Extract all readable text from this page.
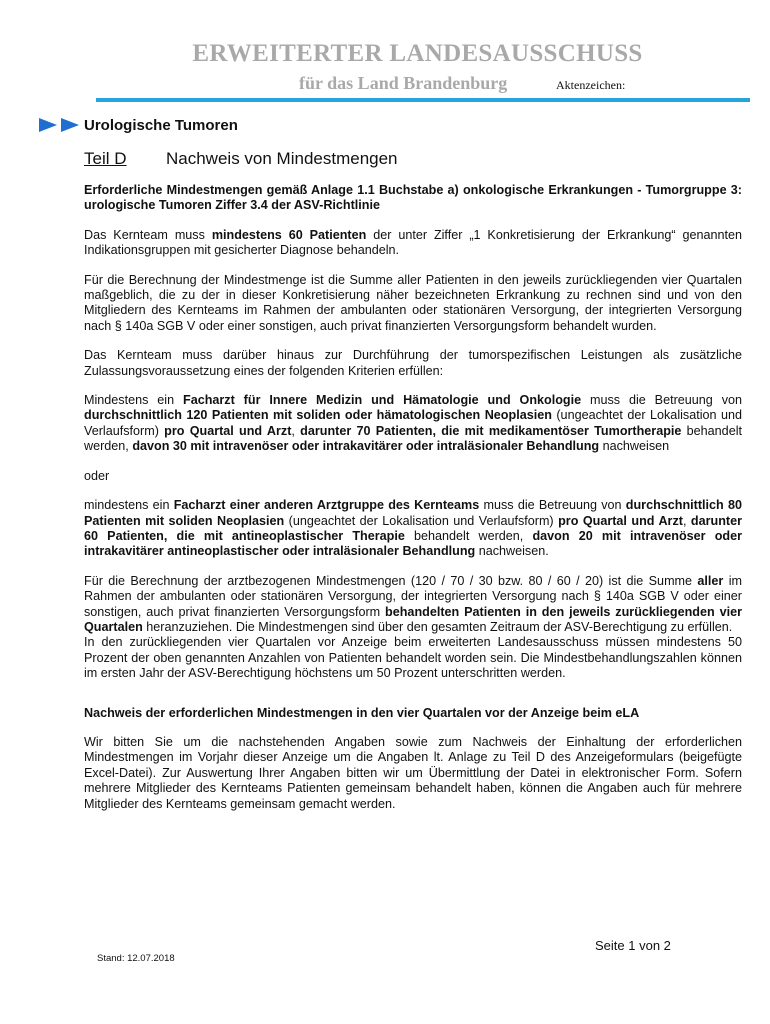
ERWEITERTER LANDESAUSSCHUSS
für das Land Brandenburg	Aktenzeichen:
Urologische Tumoren
Teil D	Nachweis von Mindestmengen

Erforderliche Mindestmengen gemäß Anlage 1.1 Buchstabe a) onkologische Erkrankungen - Tumorgruppe 3: urologische Tumoren Ziffer 3.4 der ASV-Richtlinie

Das Kernteam muss mindestens 60 Patienten der unter Ziffer „1 Konkretisierung der Erkrankung“ genannten Indikationsgruppen mit gesicherter Diagnose behandeln.

Für die Berechnung der Mindestmenge ist die Summe aller Patienten in den jeweils zurückliegenden vier Quartalen maßgeblich, die zu der in dieser Konkretisierung näher bezeichneten Erkrankung zu rechnen sind und von den Mitgliedern des Kernteams im Rahmen der ambulanten oder stationären Versorgung, der integrierten Versorgung nach § 140a SGB V oder einer sonstigen, auch privat finanzierten Versorgungsform behandelt wurden.

Das Kernteam muss darüber hinaus zur Durchführung der tumorspezifischen Leistungen als zusätzliche Zulassungsvoraussetzung eines der folgenden Kriterien erfüllen:

Mindestens ein Facharzt für Innere Medizin und Hämatologie und Onkologie muss die Betreuung von durchschnittlich 120 Patienten mit soliden oder hämatologischen Neoplasien (ungeachtet der Lokalisation und Verlaufsform) pro Quartal und Arzt, darunter 70 Patienten, die mit medikamentöser Tumortherapie behandelt werden, davon 30 mit intravenöser oder intrakavitärer oder intraläsionaler Behandlung nachweisen

oder

mindestens ein Facharzt einer anderen Arztgruppe des Kernteams muss die Betreuung von durchschnittlich 80 Patienten mit soliden Neoplasien (ungeachtet der Lokalisation und Verlaufsform) pro Quartal und Arzt, darunter 60 Patienten, die mit antineoplastischer Therapie behandelt werden, davon 20 mit intravenöser oder intrakavitärer antineoplastischer oder intraläsionaler Behandlung nachweisen.

Für die Berechnung der arztbezogenen Mindestmengen (120 / 70 / 30 bzw. 80 / 60 / 20) ist die Summe aller im Rahmen der ambulanten oder stationären Versorgung, der integrierten Versorgung nach § 140a SGB V oder einer sonstigen, auch privat finanzierten Versorgungsform behandelten Patienten in den jeweils zurückliegenden vier Quartalen heranzuziehen. Die Mindestmengen sind über den gesamten Zeitraum der ASV-Berechtigung zu erfüllen.

In den zurückliegenden vier Quartalen vor Anzeige beim erweiterten Landesausschuss müssen mindestens 50 Prozent der oben genannten Anzahlen von Patienten behandelt worden sein. Die Mindestbehandlungszahlen können im ersten Jahr der ASV-Berechtigung höchstens um 50 Prozent unterschritten werden.

Nachweis der erforderlichen Mindestmengen in den vier Quartalen vor der Anzeige beim eLA

Wir bitten Sie um die nachstehenden Angaben sowie zum Nachweis der Einhaltung der erforderlichen Mindestmengen im Vorjahr dieser Anzeige um die Angaben lt. Anlage zu Teil D des Anzeigeformulars (beigefügte Excel-Datei). Zur Auswertung Ihrer Angaben bitten wir um Übermittlung der Datei in elektronischer Form. Sofern mehrere Mitglieder des Kernteams Patienten gemeinsam behandelt haben, können die Angaben auch für mehrere Mitglieder des Kernteams gemeinsam gemacht werden.

Seite 1 von 2
Stand: 12.07.2018
